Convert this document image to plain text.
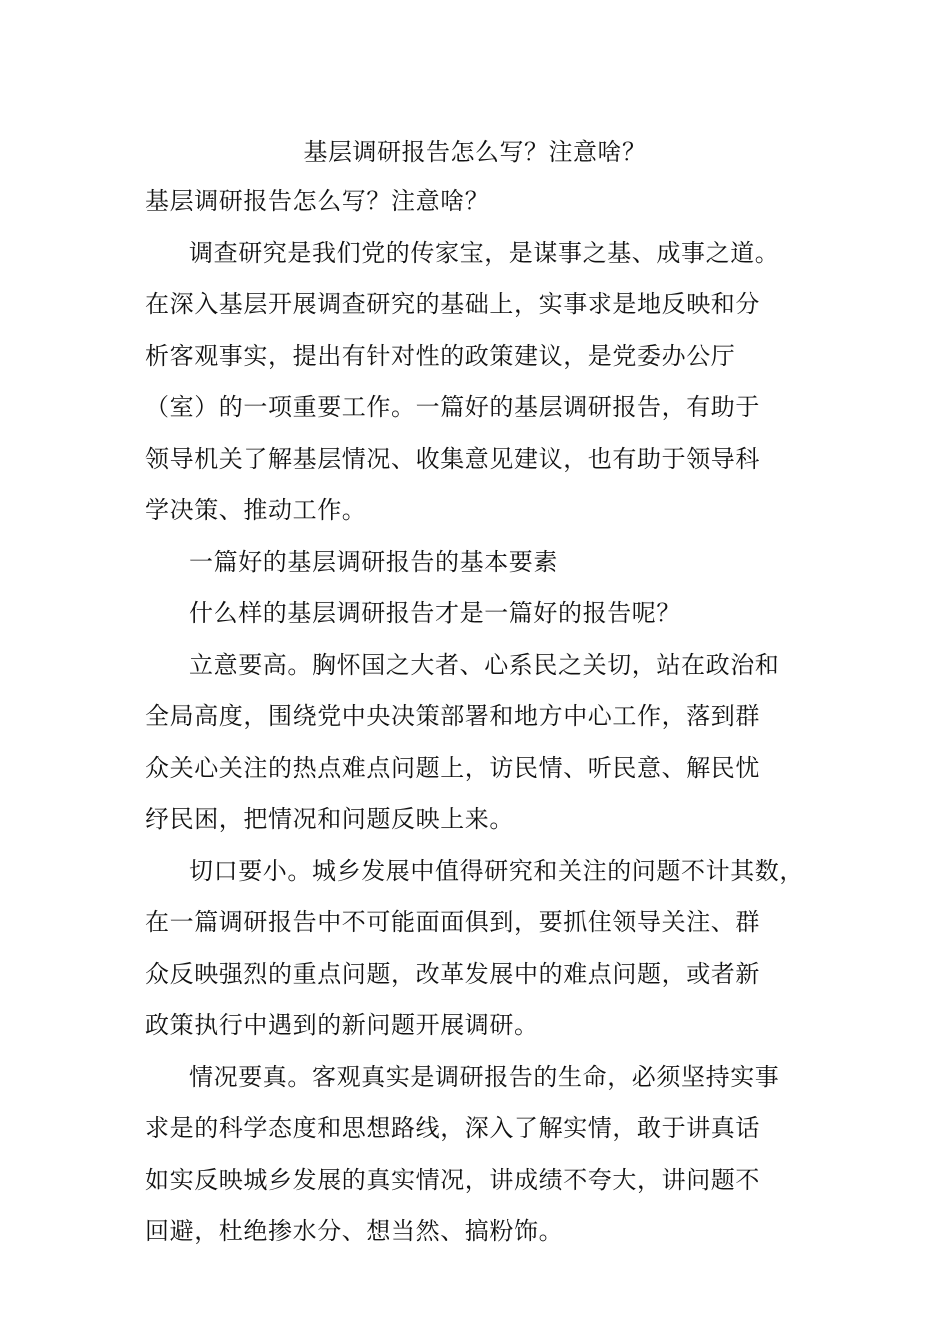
基层调研报告怎么写？注意啥？
基层调研报告怎么写？注意啥？
调查研究是我们党的传家宝，是谋事之基、成事之道。
在深入基层开展调查研究的基础上，实事求是地反映和分
析客观事实，提出有针对性的政策建议，是党委办公厅
（室）的一项重要工作。一篇好的基层调研报告，有助于
领导机关了解基层情况、收集意见建议，也有助于领导科
学决策、推动工作。
一篇好的基层调研报告的基本要素
什么样的基层调研报告才是一篇好的报告呢？
立意要高。胸怀国之大者、心系民之关切，站在政治和
全局高度，围绕党中央决策部署和地方中心工作，落到群
众关心关注的热点难点问题上，访民情、听民意、解民忧
纾民困，把情况和问题反映上来。
切口要小。城乡发展中值得研究和关注的问题不计其数，
在一篇调研报告中不可能面面俱到，要抓住领导关注、群
众反映强烈的重点问题，改革发展中的难点问题，或者新
政策执行中遇到的新问题开展调研。
情况要真。客观真实是调研报告的生命，必须坚持实事
求是的科学态度和思想路线，深入了解实情，敢于讲真话
如实反映城乡发展的真实情况，讲成绩不夸大，讲问题不
回避，杜绝掺水分、想当然、搞粉饰。
